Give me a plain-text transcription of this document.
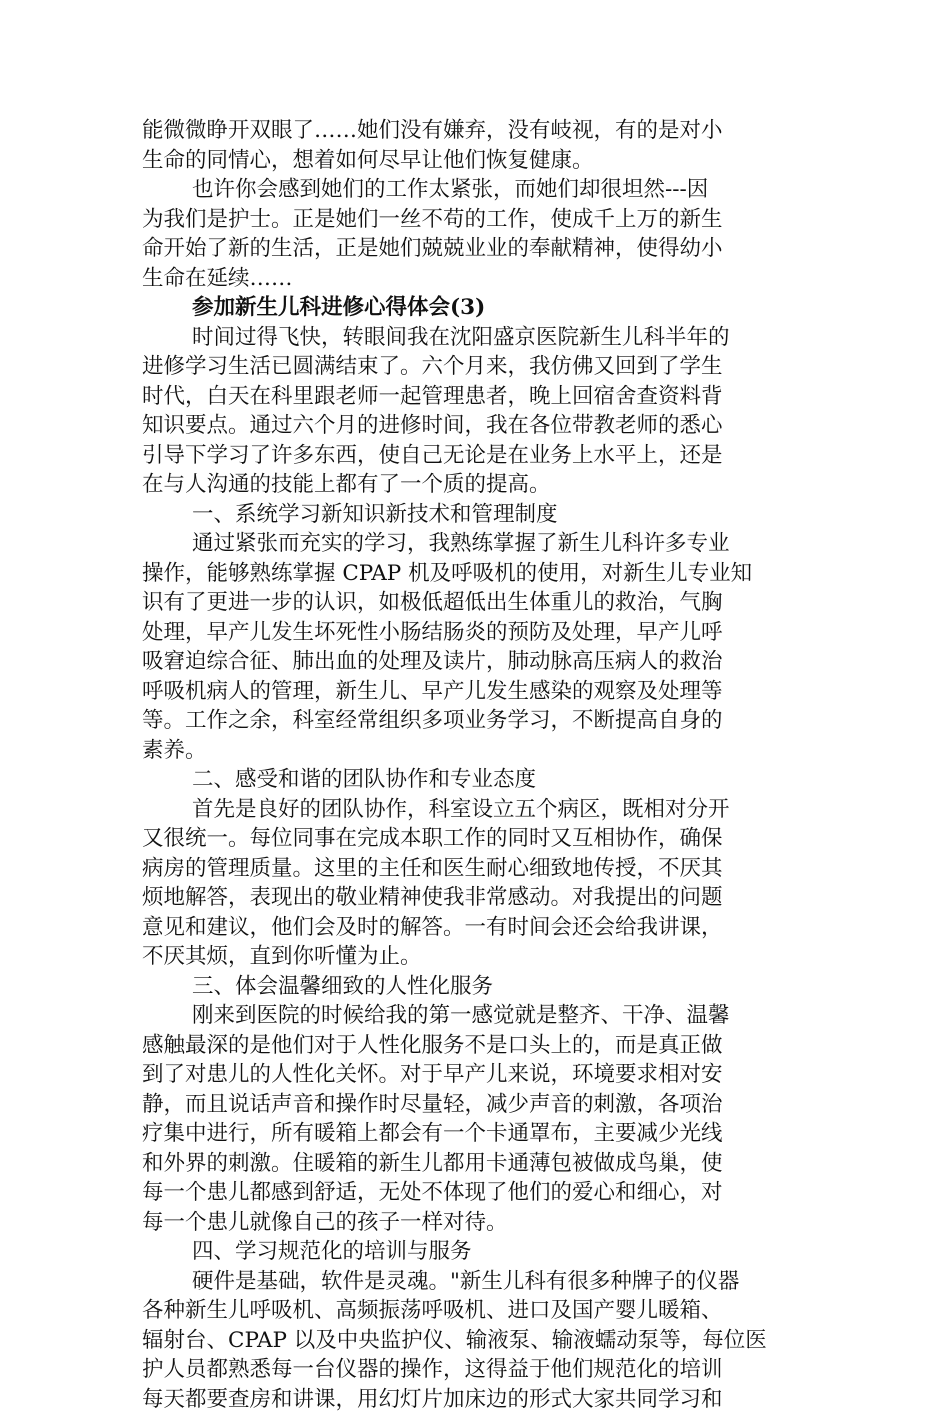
能微微睁开双眼了……她们没有嫌弃，没有岐视，有的是对小
生命的同情心，想着如何尽早让他们恢复健康。
也许你会感到她们的工作太紧张，而她们却很坦然---因
为我们是护士。正是她们一丝不苟的工作，使成千上万的新生
命开始了新的生活，正是她们兢兢业业的奉献精神，使得幼小
生命在延续……
参加新生儿科进修心得体会(3)
时间过得飞快，转眼间我在沈阳盛京医院新生儿科半年的
进修学习生活已圆满结束了。六个月来，我仿佛又回到了学生
时代，白天在科里跟老师一起管理患者，晚上回宿舍查资料背
知识要点。通过六个月的进修时间，我在各位带教老师的悉心
引导下学习了许多东西，使自己无论是在业务上水平上，还是
在与人沟通的技能上都有了一个质的提高。
一、系统学习新知识新技术和管理制度
通过紧张而充实的学习，我熟练掌握了新生儿科许多专业
操作，能够熟练掌握 CPAP 机及呼吸机的使用，对新生儿专业知
识有了更进一步的认识，如极低超低出生体重儿的救治，气胸
处理，早产儿发生坏死性小肠结肠炎的预防及处理，早产儿呼
吸窘迫综合征、肺出血的处理及读片，肺动脉高压病人的救治
呼吸机病人的管理，新生儿、早产儿发生感染的观察及处理等
等。工作之余，科室经常组织多项业务学习，不断提高自身的
素养。
二、感受和谐的团队协作和专业态度
首先是良好的团队协作，科室设立五个病区，既相对分开
又很统一。每位同事在完成本职工作的同时又互相协作，确保
病房的管理质量。这里的主任和医生耐心细致地传授，不厌其
烦地解答，表现出的敬业精神使我非常感动。对我提出的问题
意见和建议，他们会及时的解答。一有时间会还会给我讲课，
不厌其烦，直到你听懂为止。
三、体会温馨细致的人性化服务
刚来到医院的时候给我的第一感觉就是整齐、干净、温馨
感触最深的是他们对于人性化服务不是口头上的，而是真正做
到了对患儿的人性化关怀。对于早产儿来说，环境要求相对安
静，而且说话声音和操作时尽量轻，减少声音的刺激，各项治
疗集中进行，所有暖箱上都会有一个卡通罩布，主要减少光线
和外界的刺激。住暖箱的新生儿都用卡通薄包被做成鸟巢，使
每一个患儿都感到舒适，无处不体现了他们的爱心和细心，对
每一个患儿就像自己的孩子一样对待。
四、学习规范化的培训与服务
硬件是基础，软件是灵魂。"新生儿科有很多种牌子的仪器
各种新生儿呼吸机、高频振荡呼吸机、进口及国产婴儿暖箱、
辐射台、CPAP 以及中央监护仪、输液泵、输液蠕动泵等，每位医
护人员都熟悉每一台仪器的操作，这得益于他们规范化的培训
每天都要查房和讲课，用幻灯片加床边的形式大家共同学习和
